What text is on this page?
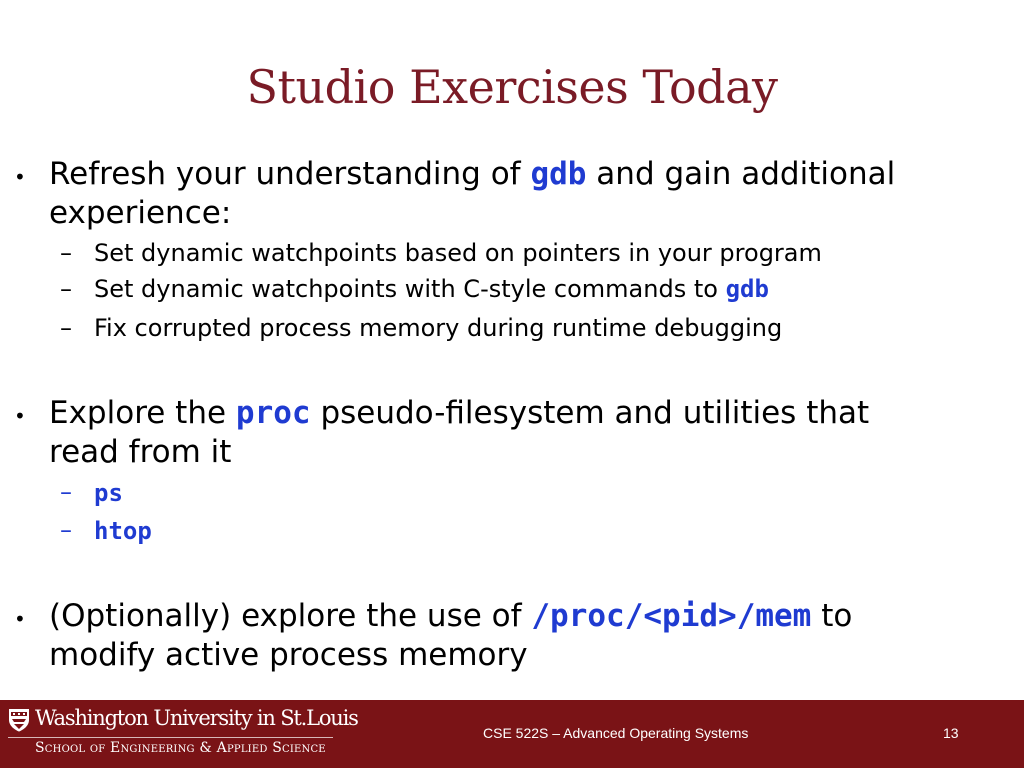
Studio Exercises Today
• Refresh your understanding of gdb and gain additional
experience:
– Set dynamic watchpoints based on pointers in your program
– Set dynamic watchpoints with C-style commands to gdb
– Fix corrupted process memory during runtime debugging
• Explore the proc pseudo-filesystem and utilities that
read from it
– ps
– htop
• (Optionally) explore the use of /proc/<pid>/mem to
modify active process memory
Washington University in St.Louis
School of Engineering & Applied Science
CSE 522S – Advanced Operating Systems	13
